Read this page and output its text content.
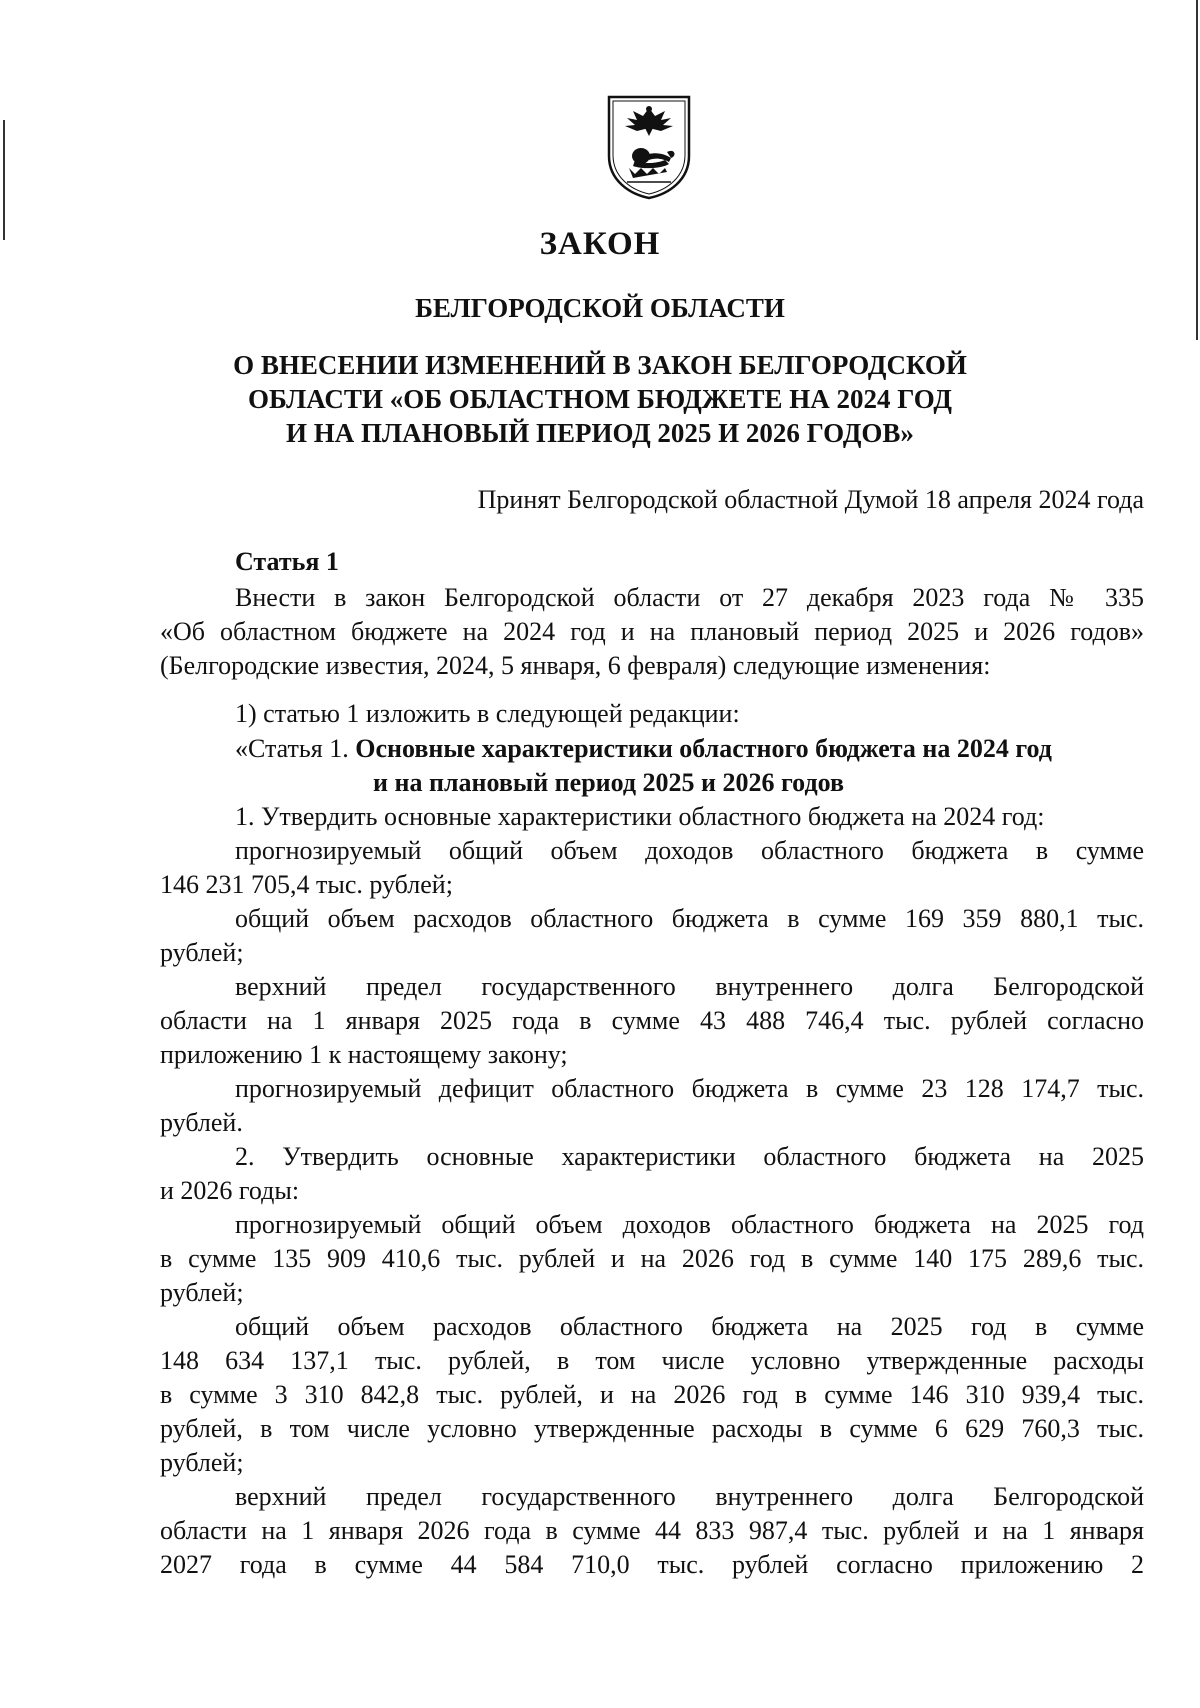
ЗАКОН
БЕЛГОРОДСКОЙ ОБЛАСТИ
О ВНЕСЕНИИ ИЗМЕНЕНИЙ В ЗАКОН БЕЛГОРОДСКОЙ
ОБЛАСТИ «ОБ ОБЛАСТНОМ БЮДЖЕТЕ НА 2024 ГОД
И НА ПЛАНОВЫЙ ПЕРИОД 2025 И 2026 ГОДОВ»
Принят Белгородской областной Думой 18 апреля 2024 года
Статья 1
Внести в закон Белгородской области от 27 декабря 2023 года № 335
«Об областном бюджете на 2024 год и на плановый период 2025 и 2026 годов»
(Белгородские известия, 2024, 5 января, 6 февраля) следующие изменения:
1) статью 1 изложить в следующей редакции:
«Статья 1. Основные характеристики областного бюджета на 2024 год
и на плановый период 2025 и 2026 годов
1. Утвердить основные характеристики областного бюджета на 2024 год:
прогнозируемый общий объем доходов областного бюджета в сумме
146 231 705,4 тыс. рублей;
общий объем расходов областного бюджета в сумме 169 359 880,1 тыс.
рублей;
верхний предел государственного внутреннего долга Белгородской
области на 1 января 2025 года в сумме 43 488 746,4 тыс. рублей согласно
приложению 1 к настоящему закону;
прогнозируемый дефицит областного бюджета в сумме 23 128 174,7 тыс.
рублей.
2. Утвердить основные характеристики областного бюджета на 2025
и 2026 годы:
прогнозируемый общий объем доходов областного бюджета на 2025 год
в сумме 135 909 410,6 тыс. рублей и на 2026 год в сумме 140 175 289,6 тыс.
рублей;
общий объем расходов областного бюджета на 2025 год в сумме
148 634 137,1 тыс. рублей, в том числе условно утвержденные расходы
в сумме 3 310 842,8 тыс. рублей, и на 2026 год в сумме 146 310 939,4 тыс.
рублей, в том числе условно утвержденные расходы в сумме 6 629 760,3 тыс.
рублей;
верхний предел государственного внутреннего долга Белгородской
области на 1 января 2026 года в сумме 44 833 987,4 тыс. рублей и на 1 января
2027 года в сумме 44 584 710,0 тыс. рублей согласно приложению 2
